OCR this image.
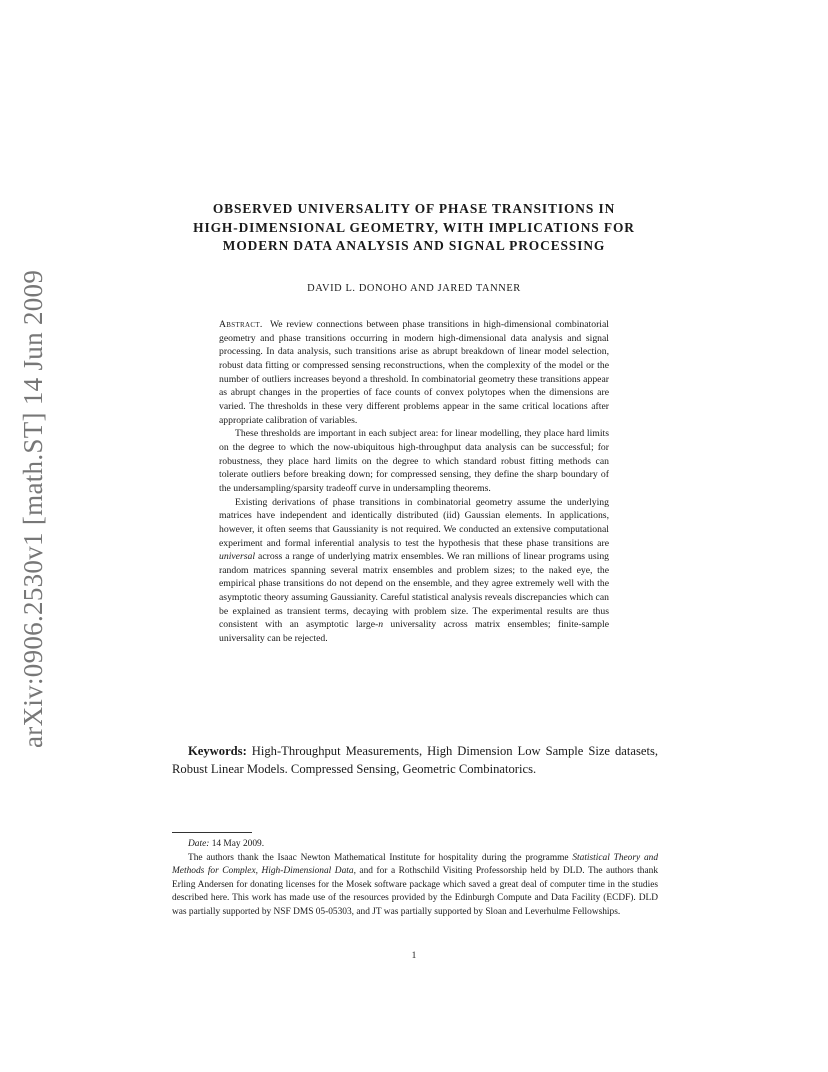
arXiv:0906.2530v1 [math.ST] 14 Jun 2009
OBSERVED UNIVERSALITY OF PHASE TRANSITIONS IN
HIGH-DIMENSIONAL GEOMETRY, WITH IMPLICATIONS FOR
MODERN DATA ANALYSIS AND SIGNAL PROCESSING
DAVID L. DONOHO AND JARED TANNER

Abstract. We review connections between phase transitions in high-dimensional combinatorial geometry and phase transitions occurring in modern high-dimensional data analysis and signal processing. In data analysis, such transitions arise as abrupt breakdown of linear model selection, robust data fitting or compressed sensing reconstructions, when the complexity of the model or the number of outliers increases beyond a threshold. In combinatorial geometry these transitions appear as abrupt changes in the properties of face counts of convex polytopes when the dimensions are varied. The thresholds in these very different problems appear in the same critical locations after appropriate calibration of variables.

These thresholds are important in each subject area: for linear modelling, they place hard limits on the degree to which the now-ubiquitous high-throughput data analysis can be successful; for robustness, they place hard limits on the degree to which standard robust fitting methods can tolerate outliers before breaking down; for compressed sensing, they define the sharp boundary of the undersampling/sparsity tradeoff curve in undersampling theorems.

Existing derivations of phase transitions in combinatorial geometry assume the underlying matrices have independent and identically distributed (iid) Gaussian elements. In applications, however, it often seems that Gaussianity is not required. We conducted an extensive computational experiment and formal inferential analysis to test the hypothesis that these phase transitions are universal across a range of underlying matrix ensembles. We ran millions of linear programs using random matrices spanning several matrix ensembles and problem sizes; to the naked eye, the empirical phase transitions do not depend on the ensemble, and they agree extremely well with the asymptotic theory assuming Gaussianity. Careful statistical analysis reveals discrepancies which can be explained as transient terms, decaying with problem size. The experimental results are thus consistent with an asymptotic large-n universality across matrix ensembles; finite-sample universality can be rejected.

Keywords: High-Throughput Measurements, High Dimension Low Sample Size datasets, Robust Linear Models. Compressed Sensing, Geometric Combinatorics.

Date: 14 May 2009.

The authors thank the Isaac Newton Mathematical Institute for hospitality during the programme Statistical Theory and Methods for Complex, High-Dimensional Data, and for a Rothschild Visiting Professorship held by DLD. The authors thank Erling Andersen for donating licenses for the Mosek software package which saved a great deal of computer time in the studies described here. This work has made use of the resources provided by the Edinburgh Compute and Data Facility (ECDF). DLD was partially supported by NSF DMS 05-05303, and JT was partially supported by Sloan and Leverhulme Fellowships.

1
